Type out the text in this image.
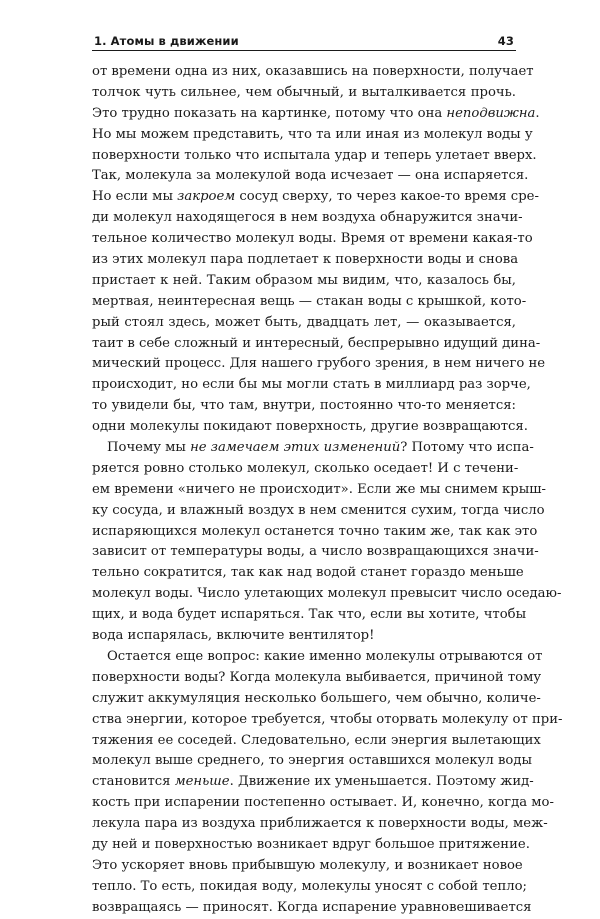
1. Атомы в движении	43
от времени одна из них, оказавшись на поверхности, получает
толчок чуть сильнее, чем обычный, и выталкивается прочь.
Это трудно показать на картинке, потому что она неподвижна.
Но мы можем представить, что та или иная из молекул воды у
поверхности только что испытала удар и теперь улетает вверх.
Так, молекула за молекулой вода исчезает — она испаряется.
Но если мы закроем сосуд сверху, то через какое-то время сре-
ди молекул находящегося в нем воздуха обнаружится значи-
тельное количество молекул воды. Время от времени какая-то
из этих молекул пара подлетает к поверхности воды и снова
пристает к ней. Таким образом мы видим, что, казалось бы,
мертвая, неинтересная вещь — стакан воды с крышкой, кото-
рый стоял здесь, может быть, двадцать лет, — оказывается,
таит в себе сложный и интересный, беспрерывно идущий дина-
мический процесс. Для нашего грубого зрения, в нем ничего не
происходит, но если бы мы могли стать в миллиард раз зорче,
то увидели бы, что там, внутри, постоянно что-то меняется:
одни молекулы покидают поверхность, другие возвращаются.
Почему мы не замечаем этих изменений? Потому что испа-
ряется ровно столько молекул, сколько оседает! И с течени-
ем времени «ничего не происходит». Если же мы снимем крыш-
ку сосуда, и влажный воздух в нем сменится сухим, тогда число
испаряющихся молекул останется точно таким же, так как это
зависит от температуры воды, а число возвращающихся значи-
тельно сократится, так как над водой станет гораздо меньше
молекул воды. Число улетающих молекул превысит число оседаю-
щих, и вода будет испаряться. Так что, если вы хотите, чтобы
вода испарялась, включите вентилятор!
Остается еще вопрос: какие именно молекулы отрываются от
поверхности воды? Когда молекула выбивается, причиной тому
служит аккумуляция несколько большего, чем обычно, количе-
ства энергии, которое требуется, чтобы оторвать молекулу от при-
тяжения ее соседей. Следовательно, если энергия вылетающих
молекул выше среднего, то энергия оставшихся молекул воды
становится меньше. Движение их уменьшается. Поэтому жид-
кость при испарении постепенно остывает. И, конечно, когда мо-
лекула пара из воздуха приближается к поверхности воды, меж-
ду ней и поверхностью возникает вдруг большое притяжение.
Это ускоряет вновь прибывшую молекулу, и возникает новое
тепло. То есть, покидая воду, молекулы уносят с собой тепло;
возвращаясь — приносят. Когда испарение уравновешивается
